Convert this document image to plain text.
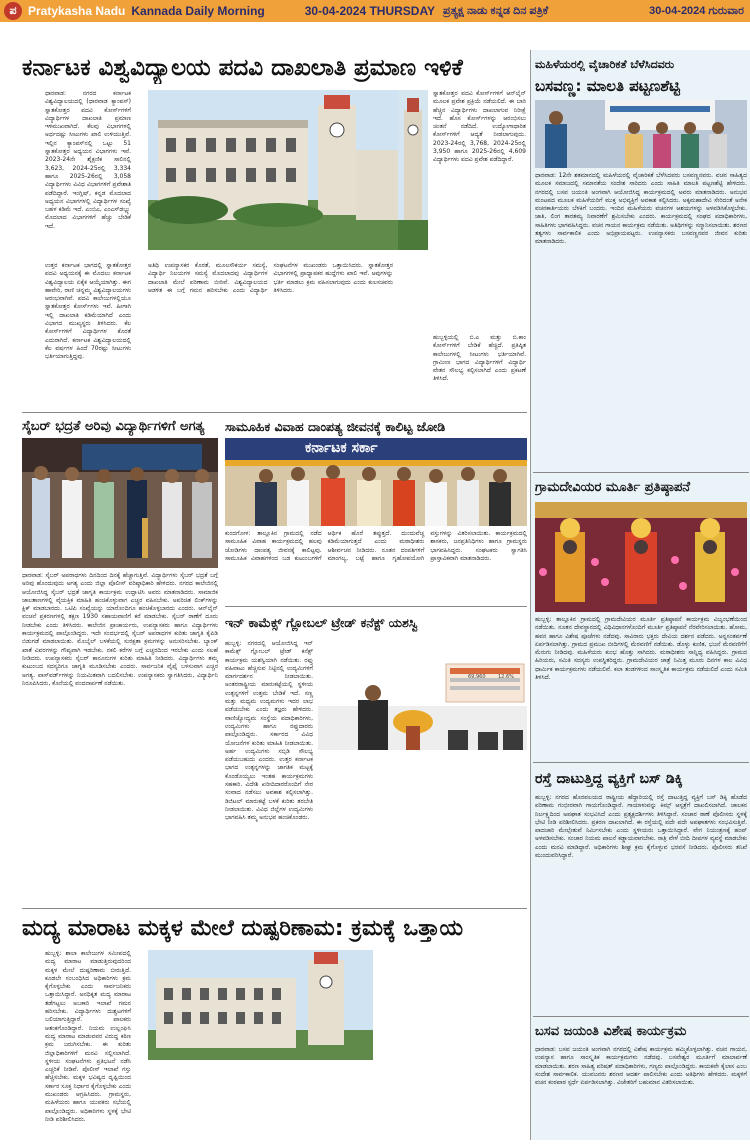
ಪ Pratykasha Nadu Kannada Daily Morning	30-04-2024 THURSDAY ಪ್ರತ್ಯಕ್ಷ ನಾಡು ಕನ್ನಡ ದಿನ ಪತ್ರಿಕೆ	30-04-2024 ಗುರುವಾರ
ಕರ್ನಾಟಕ ವಿಶ್ವವಿದ್ಯಾಲಯ ಪದವಿ ದಾಖಲಾತಿ ಪ್ರಮಾಣ ಇಳಿಕೆ
ಧಾರವಾಡ: ನಗರದ ಕರ್ನಾಟಕ ವಿಶ್ವವಿದ್ಯಾಲಯದಲ್ಲಿ (ಧಾರವಾಡ ಕ್ಯಾಂಪಸ್) ಸ್ನಾತಕೋತ್ತರ ಪದವಿ ಕೋರ್ಸ್‌ಗಳಿಗೆ ವಿದ್ಯಾರ್ಥಿಗಳ ದಾಖಲಾತಿ ಪ್ರಮಾಣ ಇಳಿಮುಖವಾಗಿದೆ. ಕೆಲವು ವಿಭಾಗಗಳಲ್ಲಿ ಅರ್ಧದಷ್ಟು ಸೀಟುಗಳು ಖಾಲಿ ಉಳಿಯುತ್ತಿವೆ. ಇಲ್ಲಿನ ಕ್ಯಾಂಪಸ್‌ನಲ್ಲಿ ಒಟ್ಟು 51 ಸ್ನಾತಕೋತ್ತರ ಅಧ್ಯಯನ ವಿಭಾಗಗಳು ಇವೆ. 2023-24ನೇ ಶೈಕ್ಷಣಿಕ ಸಾಲಿನಲ್ಲಿ 3,623, 2024-25ರಲ್ಲಿ 3,334 ಹಾಗೂ 2025-26ರಲ್ಲಿ 3,058 ವಿದ್ಯಾರ್ಥಿಗಳು ವಿವಿಧ ವಿಭಾಗಗಳಿಗೆ ಪ್ರವೇಶಾತಿ ಪಡೆದಿದ್ದಾರೆ. ಇಂಗ್ಲಿಷ್, ಕನ್ನಡ ಮೊದಲಾದ ಅಧ್ಯಯನ ವಿಭಾಗಗಳಲ್ಲಿ ವಿದ್ಯಾರ್ಥಿಗಳ ಸಂಖ್ಯೆ ಬಹಳ ಕಡಿಮೆ ಇದೆ. ಎಂಬಿಎ, ಎಂಎಸ್‌ಡಬ್ಲ್ಯು ಮೊದಲಾದ ವಿಭಾಗಗಳಿಗೆ ಹೆಚ್ಚು ಬೇಡಿಕೆ ಇದೆ.
ಉತ್ತರ ಕರ್ನಾಟಕ ಭಾಗದಲ್ಲಿ ಸ್ನಾತಕೋತ್ತರ ಪದವಿ ಅಧ್ಯಯನಕ್ಕೆ ಈ ಮೊದಲು ಕರ್ನಾಟಕ ವಿಶ್ವವಿದ್ಯಾಲಯ ಏಕೈಕ ಆಯ್ಕೆಯಾಗಿತ್ತು. ಈಗ ಹಾವೇರಿ, ರಾಣಿ ಚನ್ನಮ್ಮ ವಿಶ್ವವಿದ್ಯಾಲಯಗಳು ಆರಂಭವಾಗಿವೆ. ಪದವಿ ಕಾಲೇಜುಗಳಲ್ಲಿಯೂ ಸ್ನಾತಕೋತ್ತರ ಕೋರ್ಸ್‌ಗಳು ಇವೆ. ಹೀಗಾಗಿ ಇಲ್ಲಿ ದಾಖಲಾತಿ ಕಡಿಮೆಯಾಗಿದೆ ಎಂದು ವಿಭಾಗದ ಮುಖ್ಯಸ್ಥರು ತಿಳಿಸಿದರು. ಕೆಲ ಕೋರ್ಸ್‌ಗಳಿಗೆ ವಿದ್ಯಾರ್ಥಿಗಳ ಕೊರತೆ ಎದುರಾಗಿದೆ. ಕರ್ನಾಟಕ ವಿಶ್ವವಿದ್ಯಾಲಯದಲ್ಲಿ ಕೆಲ ವರ್ಷಗಳ ಹಿಂದೆ 70ರಷ್ಟು ಸೀಟುಗಳು ಭರ್ತಿಯಾಗುತ್ತಿದ್ದವು.
ಅತಿಥಿ ಉಪನ್ಯಾಸಕರ ಕೊರತೆ, ಮೂಲಸೌಕರ್ಯ ಸಮಸ್ಯೆ, ವಿದ್ಯಾರ್ಥಿ ನಿಲಯಗಳ ಸಮಸ್ಯೆ ಮೊದಲಾದವು ವಿದ್ಯಾರ್ಥಿಗಳ ದಾಖಲಾತಿ ಮೇಲೆ ಪರಿಣಾಮ ಬೀರಿವೆ. ವಿಶ್ವವಿದ್ಯಾಲಯದ ಆಡಳಿತ ಈ ಬಗ್ಗೆ ಗಮನ ಹರಿಸಬೇಕು ಎಂದು ವಿದ್ಯಾರ್ಥಿ ಸಂಘಟನೆಗಳ ಮುಖಂಡರು ಒತ್ತಾಯಿಸಿದರು. ಸ್ನಾತಕೋತ್ತರ ವಿಭಾಗಗಳಲ್ಲಿ ಪ್ರಾಧ್ಯಾಪಕರ ಹುದ್ದೆಗಳು ಖಾಲಿ ಇವೆ. ಅವುಗಳನ್ನು ಭರ್ತಿ ಮಾಡಲು ಕ್ರಮ ವಹಿಸಲಾಗುವುದು ಎಂದು ಕುಲಸಚಿವರು ತಿಳಿಸಿದರು.
ಸ್ನಾತಕೋತ್ತರ ಪದವಿ ಕೋರ್ಸ್‌ಗಳಿಗೆ ಆನ್‌ಲೈನ್ ಮೂಲಕ ಪ್ರವೇಶ ಪ್ರಕ್ರಿಯೆ ನಡೆಯಲಿದೆ. ಈ ಬಾರಿ ಹೆಚ್ಚಿನ ವಿದ್ಯಾರ್ಥಿಗಳು ದಾಖಲಾಗುವ ನಿರೀಕ್ಷೆ ಇದೆ. ಹೊಸ ಕೋರ್ಸ್‌ಗಳನ್ನು ಆರಂಭಿಸಲು ಚಿಂತನೆ ನಡೆದಿದೆ. ಉದ್ಯೋಗಾಧಾರಿತ ಕೋರ್ಸ್‌ಗಳಿಗೆ ಆದ್ಯತೆ ನೀಡಲಾಗುವುದು. 2023-24ರಲ್ಲಿ 3,768, 2024-25ರಲ್ಲಿ 3,950 ಹಾಗೂ 2025-26ರಲ್ಲಿ 4,609 ವಿದ್ಯಾರ್ಥಿಗಳು ಪದವಿ ಪ್ರವೇಶ ಪಡೆದಿದ್ದಾರೆ.
ಹುಬ್ಬಳ್ಳಿಯಲ್ಲಿ ಬಿ.ಎ ಮತ್ತು ಬಿ.ಕಾಂ ಕೋರ್ಸ್‌ಗಳಿಗೆ ಬೇಡಿಕೆ ಹೆಚ್ಚಿದೆ. ಪ್ರತಿಷ್ಠಿತ ಕಾಲೇಜುಗಳಲ್ಲಿ ಸೀಟುಗಳು ಭರ್ತಿಯಾಗಿವೆ. ಗ್ರಾಮೀಣ ಭಾಗದ ವಿದ್ಯಾರ್ಥಿಗಳಿಗೆ ವಿದ್ಯಾರ್ಥಿ ವೇತನ ಸೌಲಭ್ಯ ಕಲ್ಪಿಸಲಾಗಿದೆ ಎಂದು ಪ್ರಕಟಣೆ ತಿಳಿಸಿದೆ.
ಸೈಬರ್ ಭದ್ರತೆ ಅರಿವು ವಿದ್ಯಾರ್ಥಿಗಳಿಗೆ ಅಗತ್ಯ	ಸಾಮೂಹಿಕ ವಿವಾಹ ದಾಂಪತ್ಯ ಜೀವನಕ್ಕೆ ಕಾಲಿಟ್ಟ ಜೋಡಿ
ಕರ್ನಾಟಕ ಸರ್ಕಾ
ಕುಂದಗೋಳ: ತಾಲ್ಲೂಕಿನ ಗ್ರಾಮದಲ್ಲಿ ನಡೆದ ಸಾಮೂಹಿಕ ವಿವಾಹ ಕಾರ್ಯಕ್ರಮದಲ್ಲಿ ಹಲವು ಜೋಡಿಗಳು ದಾಂಪತ್ಯ ಜೀವನಕ್ಕೆ ಕಾಲಿಟ್ಟವು. ಸಾಮೂಹಿಕ ವಿವಾಹಗಳಿಂದ ಬಡ ಕುಟುಂಬಗಳಿಗೆ ಆರ್ಥಿಕ ಹೊರೆ ತಪ್ಪುತ್ತದೆ. ದುಂದುವೆಚ್ಚ ಕಡಿಮೆಯಾಗುತ್ತದೆ ಎಂದು ಮಠಾಧೀಶರು ಆಶೀರ್ವಚನ ನೀಡಿದರು. ನೂತನ ದಂಪತಿಗಳಿಗೆ ಮಾಂಗಲ್ಯ, ಬಟ್ಟೆ ಹಾಗೂ ಗೃಹೋಪಯೋಗಿ ವಸ್ತುಗಳನ್ನು ವಿತರಿಸಲಾಯಿತು. ಕಾರ್ಯಕ್ರಮದಲ್ಲಿ ಶಾಸಕರು, ಜನಪ್ರತಿನಿಧಿಗಳು ಹಾಗೂ ಗ್ರಾಮಸ್ಥರು ಭಾಗವಹಿಸಿದ್ದರು. ಸಂಘಟಕರು ಸ್ವಾಗತಿಸಿ ಪ್ರಾಸ್ತಾವಿಕವಾಗಿ ಮಾತನಾಡಿದರು.
ಧಾರವಾಡ: ಸೈಬರ್ ಅಪರಾಧಗಳು ದಿನದಿಂದ ದಿನಕ್ಕೆ ಹೆಚ್ಚಾಗುತ್ತಿವೆ. ವಿದ್ಯಾರ್ಥಿಗಳು ಸೈಬರ್ ಭದ್ರತೆ ಬಗ್ಗೆ ಅರಿವು ಹೊಂದುವುದು ಅಗತ್ಯ ಎಂದು ಜಿಲ್ಲಾ ಪೊಲೀಸ್ ವರಿಷ್ಠಾಧಿಕಾರಿ ಹೇಳಿದರು. ನಗರದ ಕಾಲೇಜಿನಲ್ಲಿ ಆಯೋಜಿಸಿದ್ದ ಸೈಬರ್ ಭದ್ರತೆ ಜಾಗೃತಿ ಕಾರ್ಯಕ್ರಮ ಉದ್ಘಾಟಿಸಿ ಅವರು ಮಾತನಾಡಿದರು. ಸಾಮಾಜಿಕ ಜಾಲತಾಣಗಳಲ್ಲಿ ವೈಯಕ್ತಿಕ ಮಾಹಿತಿ ಹಂಚಿಕೊಳ್ಳುವಾಗ ಎಚ್ಚರ ವಹಿಸಬೇಕು. ಅಪರಿಚಿತ ಲಿಂಕ್‌ಗಳನ್ನು ಕ್ಲಿಕ್ ಮಾಡಬಾರದು. ಒಟಿಪಿ ಸಂಖ್ಯೆಯನ್ನು ಯಾರೊಂದಿಗೂ ಹಂಚಿಕೊಳ್ಳಬಾರದು ಎಂದರು. ಆನ್‌ಲೈನ್ ವಂಚನೆ ಪ್ರಕರಣಗಳಲ್ಲಿ ತಕ್ಷಣ 1930 ಸಹಾಯವಾಣಿಗೆ ಕರೆ ಮಾಡಬೇಕು. ಸೈಬರ್ ಠಾಣೆಗೆ ದೂರು ನೀಡಬೇಕು ಎಂದು ತಿಳಿಸಿದರು. ಕಾಲೇಜಿನ ಪ್ರಾಚಾರ್ಯರು, ಉಪನ್ಯಾಸಕರು ಹಾಗೂ ವಿದ್ಯಾರ್ಥಿಗಳು ಕಾರ್ಯಕ್ರಮದಲ್ಲಿ ಪಾಲ್ಗೊಂಡಿದ್ದರು. ಇದೇ ಸಂದರ್ಭದಲ್ಲಿ ಸೈಬರ್ ಅಪರಾಧಗಳ ಕುರಿತು ಜಾಗೃತಿ ಕೈಪಿಡಿ ಬಿಡುಗಡೆ ಮಾಡಲಾಯಿತು. ಮೊಬೈಲ್ ಬಳಕೆಯಲ್ಲಿ ಸುರಕ್ಷತಾ ಕ್ರಮಗಳನ್ನು ಅನುಸರಿಸಬೇಕು. ಬ್ಯಾಂಕ್ ಖಾತೆ ವಿವರಗಳನ್ನು ಗೌಪ್ಯವಾಗಿ ಇಡಬೇಕು. ನಕಲಿ ಕರೆಗಳ ಬಗ್ಗೆ ಎಚ್ಚರದಿಂದ ಇರಬೇಕು ಎಂದು ಸಲಹೆ ನೀಡಿದರು. ಉಪನ್ಯಾಸಕರು ಸೈಬರ್ ಕಾನೂನುಗಳ ಕುರಿತು ಮಾಹಿತಿ ನೀಡಿದರು. ವಿದ್ಯಾರ್ಥಿಗಳು ತಮ್ಮ ಕುಟುಂಬದ ಸದಸ್ಯರಿಗೂ ಜಾಗೃತಿ ಮೂಡಿಸಬೇಕು ಎಂದರು. ಸಾರ್ವಜನಿಕ ವೈಫೈ ಬಳಸುವಾಗ ಎಚ್ಚರ ಅಗತ್ಯ. ಪಾಸ್‌ವರ್ಡ್‌ಗಳನ್ನು ನಿಯಮಿತವಾಗಿ ಬದಲಿಸಬೇಕು. ಉಪನ್ಯಾಸಕರು ಸ್ವಾಗತಿಸಿದರು, ವಿದ್ಯಾರ್ಥಿನಿ ನಿರೂಪಿಸಿದರು, ಕೊನೆಯಲ್ಲಿ ವಂದನಾರ್ಪಣೆ ನಡೆಯಿತು.
ಇನ್ ಕಾಮೆಕ್ಸ್ ಗ್ಲೋಬಲ್ ಟ್ರೇಡ್ ಕನೆಕ್ಟ್ ಯಶಸ್ವಿ
69,960	12.6%
ಹುಬ್ಬಳ್ಳಿ: ನಗರದಲ್ಲಿ ಆಯೋಜಿಸಿದ್ದ ಇನ್ ಕಾಮೆಕ್ಸ್ ಗ್ಲೋಬಲ್ ಟ್ರೇಡ್ ಕನೆಕ್ಟ್ ಕಾರ್ಯಕ್ರಮ ಯಶಸ್ವಿಯಾಗಿ ನಡೆಯಿತು. ರಫ್ತು ವಹಿವಾಟು ಹೆಚ್ಚಿಸುವ ನಿಟ್ಟಿನಲ್ಲಿ ಉದ್ಯಮಿಗಳಿಗೆ ಮಾರ್ಗದರ್ಶನ ನೀಡಲಾಯಿತು. ಅಂತರರಾಷ್ಟ್ರೀಯ ಮಾರುಕಟ್ಟೆಯಲ್ಲಿ ಸ್ಥಳೀಯ ಉತ್ಪನ್ನಗಳಿಗೆ ಉತ್ತಮ ಬೇಡಿಕೆ ಇದೆ. ಸಣ್ಣ ಮತ್ತು ಮಧ್ಯಮ ಉದ್ಯಮಗಳು ಇದರ ಲಾಭ ಪಡೆಯಬೇಕು ಎಂದು ತಜ್ಞರು ಹೇಳಿದರು. ವಾಣಿಜ್ಯೋದ್ಯಮ ಸಂಸ್ಥೆಯ ಪದಾಧಿಕಾರಿಗಳು, ಉದ್ಯಮಿಗಳು ಹಾಗೂ ರಫ್ತುದಾರರು ಪಾಲ್ಗೊಂಡಿದ್ದರು. ಸರ್ಕಾರದ ವಿವಿಧ ಯೋಜನೆಗಳ ಕುರಿತು ಮಾಹಿತಿ ನೀಡಲಾಯಿತು. ಅರ್ಹ ಉದ್ಯಮಿಗಳು ಸಬ್ಸಿಡಿ ಸೌಲಭ್ಯ ಪಡೆಯಬಹುದು ಎಂದರು. ಉತ್ತರ ಕರ್ನಾಟಕ ಭಾಗದ ಉತ್ಪನ್ನಗಳನ್ನು ಜಾಗತಿಕ ಮಟ್ಟಕ್ಕೆ ಕೊಂಡೊಯ್ಯಲು ಇಂತಹ ಕಾರ್ಯಕ್ರಮಗಳು ಸಹಕಾರಿ. ವಿದೇಶಿ ಖರೀದಿದಾರರೊಂದಿಗೆ ನೇರ ಸಂವಾದ ನಡೆಸಲು ಅವಕಾಶ ಕಲ್ಪಿಸಲಾಗಿತ್ತು. ಡಿಜಿಟಲ್ ಮಾರುಕಟ್ಟೆ ಬಳಕೆ ಕುರಿತು ತರಬೇತಿ ನೀಡಲಾಯಿತು. ವಿವಿಧ ಜಿಲ್ಲೆಗಳ ಉದ್ಯಮಿಗಳು ಭಾಗವಹಿಸಿ ತಮ್ಮ ಅನುಭವ ಹಂಚಿಕೊಂಡರು.
ಮದ್ಯ ಮಾರಾಟ ಮಕ್ಕಳ ಮೇಲೆ ದುಷ್ಪರಿಣಾಮ: ಕ್ರಮಕ್ಕೆ ಒತ್ತಾಯ
ಹುಬ್ಬಳ್ಳಿ: ಶಾಲಾ ಕಾಲೇಜುಗಳ ಸಮೀಪದಲ್ಲಿ ಮದ್ಯ ಮಾರಾಟ ಮಾಡುತ್ತಿರುವುದರಿಂದ ಮಕ್ಕಳ ಮೇಲೆ ದುಷ್ಪರಿಣಾಮ ಬೀರುತ್ತಿದೆ. ಕೂಡಲೇ ಸಂಬಂಧಿಸಿದ ಅಧಿಕಾರಿಗಳು ಕ್ರಮ ಕೈಗೊಳ್ಳಬೇಕು ಎಂದು ಸಾರ್ವಜನಿಕರು ಒತ್ತಾಯಿಸಿದ್ದಾರೆ. ಅನಧಿಕೃತ ಮದ್ಯ ಮಾರಾಟ ತಡೆಗಟ್ಟಲು ಅಬಕಾರಿ ಇಲಾಖೆ ಗಮನ ಹರಿಸಬೇಕು. ವಿದ್ಯಾರ್ಥಿಗಳು ದುಶ್ಚಟಗಳಿಗೆ ಬಲಿಯಾಗುತ್ತಿದ್ದಾರೆ. ಪಾಲಕರು ಆತಂಕಗೊಂಡಿದ್ದಾರೆ. ನಿಯಮ ಉಲ್ಲಂಘಿಸಿ ಮದ್ಯ ಮಾರಾಟ ಮಾಡುವವರ ವಿರುದ್ಧ ಕಠಿಣ ಕ್ರಮ ಜರುಗಿಸಬೇಕು. ಈ ಕುರಿತು ಜಿಲ್ಲಾಧಿಕಾರಿಗಳಿಗೆ ಮನವಿ ಸಲ್ಲಿಸಲಾಗಿದೆ. ಸ್ಥಳೀಯ ಸಂಘಟನೆಗಳು ಪ್ರತಿಭಟನೆ ನಡೆಸಿ ಎಚ್ಚರಿಕೆ ನೀಡಿವೆ. ಪೊಲೀಸ್ ಇಲಾಖೆ ಗಸ್ತು ಹೆಚ್ಚಿಸಬೇಕು. ಮಕ್ಕಳ ಭವಿಷ್ಯದ ದೃಷ್ಟಿಯಿಂದ ಸರ್ಕಾರ ಸೂಕ್ತ ನಿರ್ಧಾರ ಕೈಗೊಳ್ಳಬೇಕು ಎಂದು ಮುಖಂಡರು ಆಗ್ರಹಿಸಿದರು. ಗ್ರಾಮಸ್ಥರು, ಮಹಿಳೆಯರು ಹಾಗೂ ಯುವಕರು ಸಭೆಯಲ್ಲಿ ಪಾಲ್ಗೊಂಡಿದ್ದರು. ಅಧಿಕಾರಿಗಳು ಸ್ಥಳಕ್ಕೆ ಭೇಟಿ ನೀಡಿ ಪರಿಶೀಲಿಸಿದರು.
ಮಹಿಳೆಯರಲ್ಲಿ ವೈಚಾರಿಕತೆ ಬೆಳೆಸಿದವರು
ಬಸವಣ್ಣ: ಮಾಲತಿ ಪಟ್ಟಣಶೆಟ್ಟಿ
ಧಾರವಾಡ: 12ನೇ ಶತಮಾನದಲ್ಲಿ ಮಹಿಳೆಯರಲ್ಲಿ ವೈಚಾರಿಕತೆ ಬೆಳೆಸಿದವರು ಬಸವಣ್ಣನವರು. ವಚನ ಸಾಹಿತ್ಯದ ಮೂಲಕ ಸಮಾಜದಲ್ಲಿ ಸಮಾನತೆಯ ಸಂದೇಶ ಸಾರಿದರು ಎಂದು ಸಾಹಿತಿ ಮಾಲತಿ ಪಟ್ಟಣಶೆಟ್ಟಿ ಹೇಳಿದರು. ನಗರದಲ್ಲಿ ಬಸವ ಜಯಂತಿ ಅಂಗವಾಗಿ ಆಯೋಜಿಸಿದ್ದ ಕಾರ್ಯಕ್ರಮದಲ್ಲಿ ಅವರು ಮಾತನಾಡಿದರು. ಅನುಭವ ಮಂಟಪದ ಮೂಲಕ ಮಹಿಳೆಯರಿಗೆ ಮುಕ್ತ ಅಭಿವ್ಯಕ್ತಿಗೆ ಅವಕಾಶ ಕಲ್ಪಿಸಿದರು. ಅಕ್ಕಮಹಾದೇವಿ ಸೇರಿದಂತೆ ಅನೇಕ ವಚನಕಾರ್ತಿಯರು ಬೆಳಕಿಗೆ ಬಂದರು. ಇಂದಿನ ಮಹಿಳೆಯರು ವಚನಗಳ ಆಶಯಗಳನ್ನು ಅಳವಡಿಸಿಕೊಳ್ಳಬೇಕು. ಜಾತಿ, ಲಿಂಗ ತಾರತಮ್ಯ ನಿವಾರಣೆಗೆ ಶ್ರಮಿಸಬೇಕು ಎಂದರು. ಕಾರ್ಯಕ್ರಮದಲ್ಲಿ ಸಂಘದ ಪದಾಧಿಕಾರಿಗಳು, ಸಾಹಿತಿಗಳು ಭಾಗವಹಿಸಿದ್ದರು. ವಚನ ಗಾಯನ ಕಾರ್ಯಕ್ರಮ ನಡೆಯಿತು. ಅತಿಥಿಗಳನ್ನು ಸನ್ಮಾನಿಸಲಾಯಿತು. ಶರಣರ ತತ್ವಗಳು ಸಾರ್ವಕಾಲಿಕ ಎಂದು ಅಭಿಪ್ರಾಯಪಟ್ಟರು. ಉಪನ್ಯಾಸಕರು ಬಸವಣ್ಣನವರ ಜೀವನ ಕುರಿತು ಮಾತನಾಡಿದರು.
ಗ್ರಾಮದೇವಿಯರ ಮೂರ್ತಿ ಪ್ರತಿಷ್ಠಾಪನೆ
ಹುಬ್ಬಳ್ಳಿ: ತಾಲ್ಲೂಕಿನ ಗ್ರಾಮದಲ್ಲಿ ಗ್ರಾಮದೇವಿಯರ ಮೂರ್ತಿ ಪ್ರತಿಷ್ಠಾಪನೆ ಕಾರ್ಯಕ್ರಮ ವಿಜೃಂಭಣೆಯಿಂದ ನಡೆಯಿತು. ನೂತನ ದೇವಸ್ಥಾನದಲ್ಲಿ ವಿಧಿವಿಧಾನಗಳೊಂದಿಗೆ ಮೂರ್ತಿ ಪ್ರತಿಷ್ಠಾಪನೆ ನೆರವೇರಿಸಲಾಯಿತು. ಹೋಮ, ಹವನ ಹಾಗೂ ವಿಶೇಷ ಪೂಜೆಗಳು ನಡೆದವು. ಸಾವಿರಾರು ಭಕ್ತರು ದೇವಿಯ ದರ್ಶನ ಪಡೆದರು. ಅನ್ನಸಂತರ್ಪಣೆ ಏರ್ಪಡಿಸಲಾಗಿತ್ತು. ಗ್ರಾಮದ ಪ್ರಮುಖ ಬೀದಿಗಳಲ್ಲಿ ಮೆರವಣಿಗೆ ನಡೆಯಿತು. ಡೊಳ್ಳು ಕುಣಿತ, ಭಜನೆ ಮೆರವಣಿಗೆಗೆ ಮೆರುಗು ನೀಡಿದವು. ಮಹಿಳೆಯರು ಕುಂಭ ಹೊತ್ತು ಸಾಗಿದರು. ಮಠಾಧೀಶರು ಸಾನ್ನಿಧ್ಯ ವಹಿಸಿದ್ದರು. ಗ್ರಾಮದ ಹಿರಿಯರು, ಸಮಿತಿ ಸದಸ್ಯರು ಉಪಸ್ಥಿತರಿದ್ದರು. ಗ್ರಾಮದೇವಿಯರ ಜಾತ್ರೆ ನಿಮಿತ್ತ ಮೂರು ದಿನಗಳ ಕಾಲ ವಿವಿಧ ಧಾರ್ಮಿಕ ಕಾರ್ಯಕ್ರಮಗಳು ನಡೆಯಲಿವೆ. ಕಲಾ ತಂಡಗಳಿಂದ ಸಾಂಸ್ಕೃತಿಕ ಕಾರ್ಯಕ್ರಮ ನಡೆಯಲಿದೆ ಎಂದು ಸಮಿತಿ ತಿಳಿಸಿದೆ.
ರಸ್ತೆ ದಾಟುತ್ತಿದ್ದ ವ್ಯಕ್ತಿಗೆ ಬಸ್ ಡಿಕ್ಕಿ
ಹುಬ್ಬಳ್ಳಿ: ನಗರದ ಹೊರವಲಯದ ರಾಷ್ಟ್ರೀಯ ಹೆದ್ದಾರಿಯಲ್ಲಿ ರಸ್ತೆ ದಾಟುತ್ತಿದ್ದ ವ್ಯಕ್ತಿಗೆ ಬಸ್ ಡಿಕ್ಕಿ ಹೊಡೆದ ಪರಿಣಾಮ ಗಂಭೀರವಾಗಿ ಗಾಯಗೊಂಡಿದ್ದಾರೆ. ಗಾಯಾಳುವನ್ನು ಕಿಮ್ಸ್ ಆಸ್ಪತ್ರೆಗೆ ದಾಖಲಿಸಲಾಗಿದೆ. ಚಾಲಕನ ನಿರ್ಲಕ್ಷ್ಯದಿಂದ ಅಪಘಾತ ಸಂಭವಿಸಿದೆ ಎಂದು ಪ್ರತ್ಯಕ್ಷದರ್ಶಿಗಳು ತಿಳಿಸಿದ್ದಾರೆ. ಸಂಚಾರ ಠಾಣೆ ಪೊಲೀಸರು ಸ್ಥಳಕ್ಕೆ ಭೇಟಿ ನೀಡಿ ಪರಿಶೀಲಿಸಿದರು. ಪ್ರಕರಣ ದಾಖಲಾಗಿದೆ. ಈ ರಸ್ತೆಯಲ್ಲಿ ಪದೇ ಪದೇ ಅಪಘಾತಗಳು ಸಂಭವಿಸುತ್ತಿವೆ. ಪಾದಚಾರಿ ಮೇಲ್ಸೇತುವೆ ನಿರ್ಮಿಸಬೇಕು ಎಂದು ಸ್ಥಳೀಯರು ಒತ್ತಾಯಿಸಿದ್ದಾರೆ. ವೇಗ ನಿಯಂತ್ರಣಕ್ಕೆ ಹಂಪ್ ಅಳವಡಿಸಬೇಕು. ಸಂಚಾರ ನಿಯಮ ಪಾಲನೆ ಕಡ್ಡಾಯವಾಗಬೇಕು. ರಾತ್ರಿ ವೇಳೆ ಬೀದಿ ದೀಪಗಳ ವ್ಯವಸ್ಥೆ ಮಾಡಬೇಕು ಎಂದು ಮನವಿ ಮಾಡಿದ್ದಾರೆ. ಅಧಿಕಾರಿಗಳು ಶೀಘ್ರ ಕ್ರಮ ಕೈಗೊಳ್ಳುವ ಭರವಸೆ ನೀಡಿದರು. ಪೊಲೀಸರು ತನಿಖೆ ಮುಂದುವರಿಸಿದ್ದಾರೆ.
ಬಸವ ಜಯಂತಿ ವಿಶೇಷ ಕಾರ್ಯಕ್ರಮ
ಧಾರವಾಡ: ಬಸವ ಜಯಂತಿ ಅಂಗವಾಗಿ ನಗರದಲ್ಲಿ ವಿಶೇಷ ಕಾರ್ಯಕ್ರಮ ಹಮ್ಮಿಕೊಳ್ಳಲಾಗಿತ್ತು. ವಚನ ಗಾಯನ, ಉಪನ್ಯಾಸ ಹಾಗೂ ಸಾಂಸ್ಕೃತಿಕ ಕಾರ್ಯಕ್ರಮಗಳು ನಡೆದವು. ಬಸವೇಶ್ವರ ಮೂರ್ತಿಗೆ ಮಾಲಾರ್ಪಣೆ ಮಾಡಲಾಯಿತು. ಶರಣ ಸಾಹಿತ್ಯ ಪರಿಷತ್ ಪದಾಧಿಕಾರಿಗಳು, ಗಣ್ಯರು ಪಾಲ್ಗೊಂಡಿದ್ದರು. ಕಾಯಕವೇ ಕೈಲಾಸ ಎಂಬ ಸಂದೇಶ ಸಾರ್ವಕಾಲಿಕ. ಯುವಜನರು ಶರಣರ ಆದರ್ಶ ಪಾಲಿಸಬೇಕು ಎಂದು ಅತಿಥಿಗಳು ಹೇಳಿದರು. ಮಕ್ಕಳಿಗೆ ವಚನ ಕಂಠಪಾಠ ಸ್ಪರ್ಧೆ ಏರ್ಪಡಿಸಲಾಗಿತ್ತು. ವಿಜೇತರಿಗೆ ಬಹುಮಾನ ವಿತರಿಸಲಾಯಿತು.
